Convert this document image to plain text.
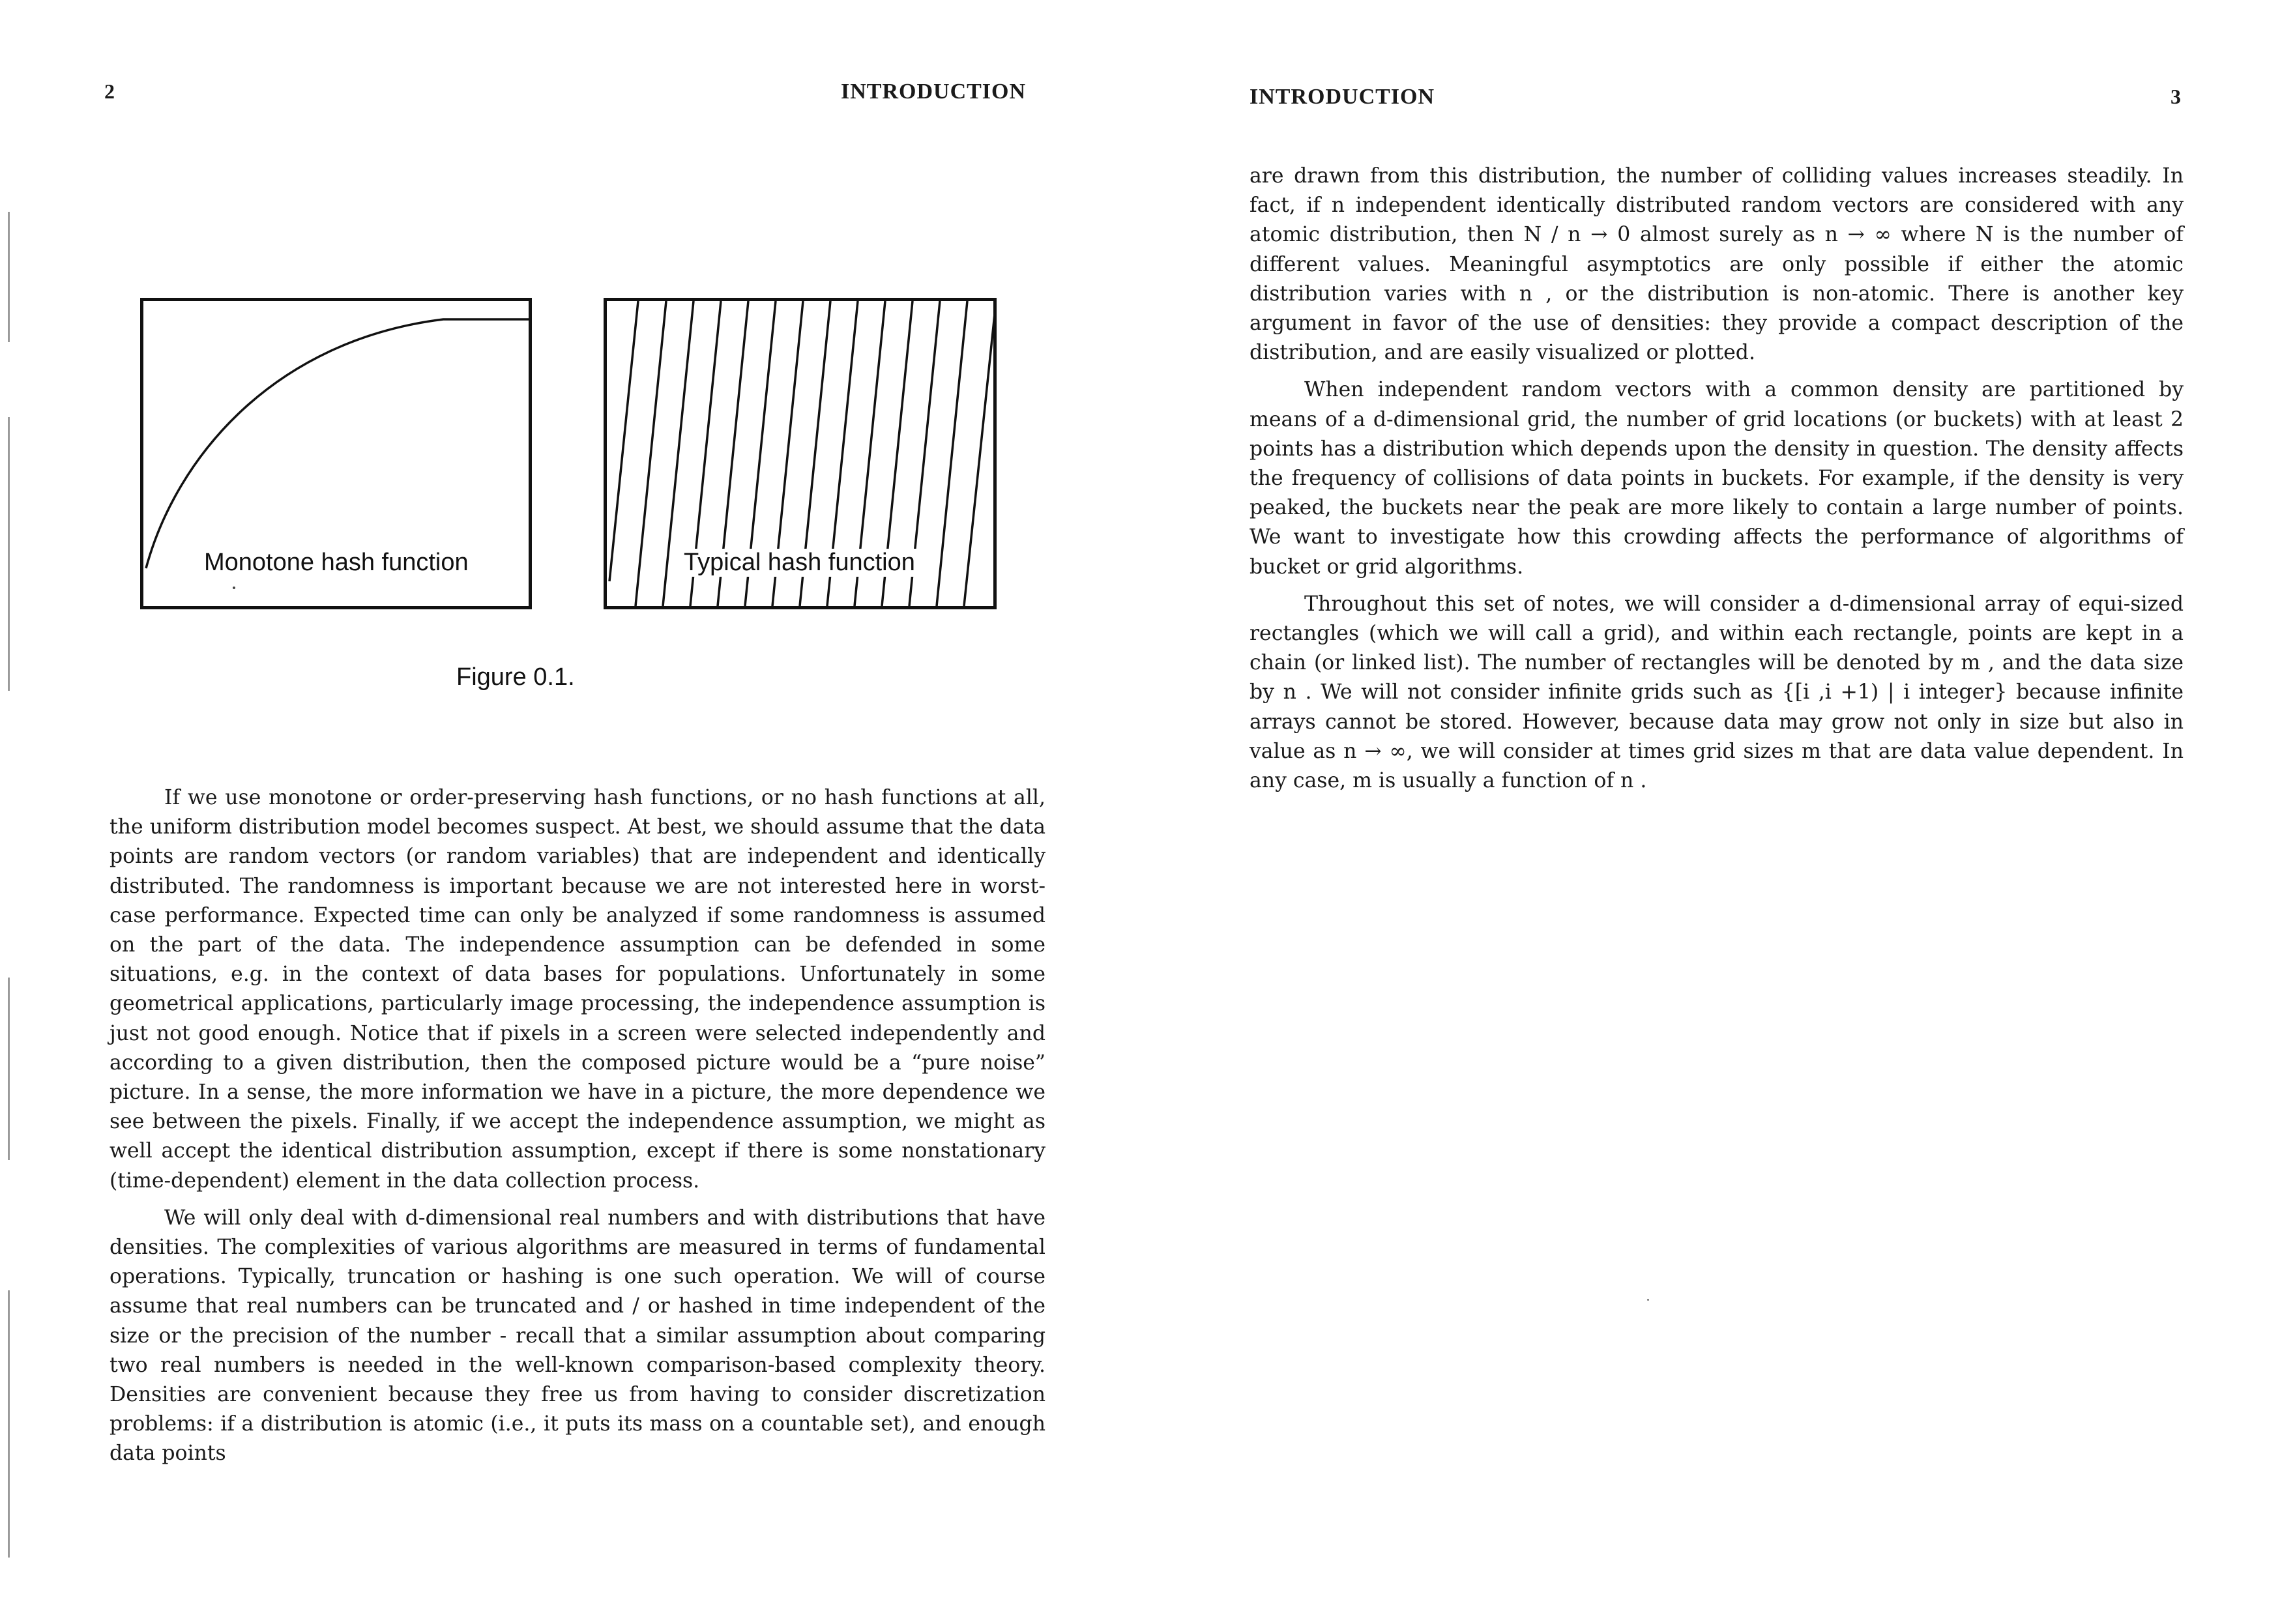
2	INTRODUCTION
Monotone hash function	Typical hash function
Figure 0.1.

If we use monotone or order-preserving hash functions, or no hash functions at all, the uniform distribution model becomes suspect. At best, we should assume that the data points are random vectors (or random variables) that are independent and identically distributed. The randomness is important because we are not interested here in worst-case performance. Expected time can only be analyzed if some randomness is assumed on the part of the data. The independence assumption can be defended in some situations, e.g. in the context of data bases for populations. Unfortunately in some geometrical applications, particularly image processing, the independence assumption is just not good enough. Notice that if pixels in a screen were selected independently and according to a given distribution, then the composed picture would be a “pure noise” picture. In a sense, the more information we have in a picture, the more dependence we see between the pixels. Finally, if we accept the independence assumption, we might as well accept the identical distribution assumption, except if there is some nonstationary (time-dependent) element in the data collection process.

We will only deal with d-dimensional real numbers and with distributions that have densities. The complexities of various algorithms are measured in terms of fundamental operations. Typically, truncation or hashing is one such operation. We will of course assume that real numbers can be truncated and / or hashed in time independent of the size or the precision of the number - recall that a similar assumption about comparing two real numbers is needed in the well-known comparison-based complexity theory. Densities are convenient because they free us from having to consider discretization problems: if a distribution is atomic (i.e., it puts its mass on a countable set), and enough data points

INTRODUCTION	3

are drawn from this distribution, the number of colliding values increases steadily. In fact, if n independent identically distributed random vectors are considered with any atomic distribution, then N / n → 0 almost surely as n → ∞ where N is the number of different values. Meaningful asymptotics are only possible if either the atomic distribution varies with n , or the distribution is non-atomic. There is another key argument in favor of the use of densities: they provide a compact description of the distribution, and are easily visualized or plotted.

When independent random vectors with a common density are partitioned by means of a d-dimensional grid, the number of grid locations (or buckets) with at least 2 points has a distribution which depends upon the density in question. The density affects the frequency of collisions of data points in buckets. For example, if the density is very peaked, the buckets near the peak are more likely to contain a large number of points. We want to investigate how this crowding affects the performance of algorithms of bucket or grid algorithms.

Throughout this set of notes, we will consider a d-dimensional array of equi-sized rectangles (which we will call a grid), and within each rectangle, points are kept in a chain (or linked list). The number of rectangles will be denoted by m , and the data size by n . We will not consider infinite grids such as {[i ,i +1) | i integer} because infinite arrays cannot be stored. However, because data may grow not only in size but also in value as n → ∞, we will consider at times grid sizes m that are data value dependent. In any case, m is usually a function of n .
